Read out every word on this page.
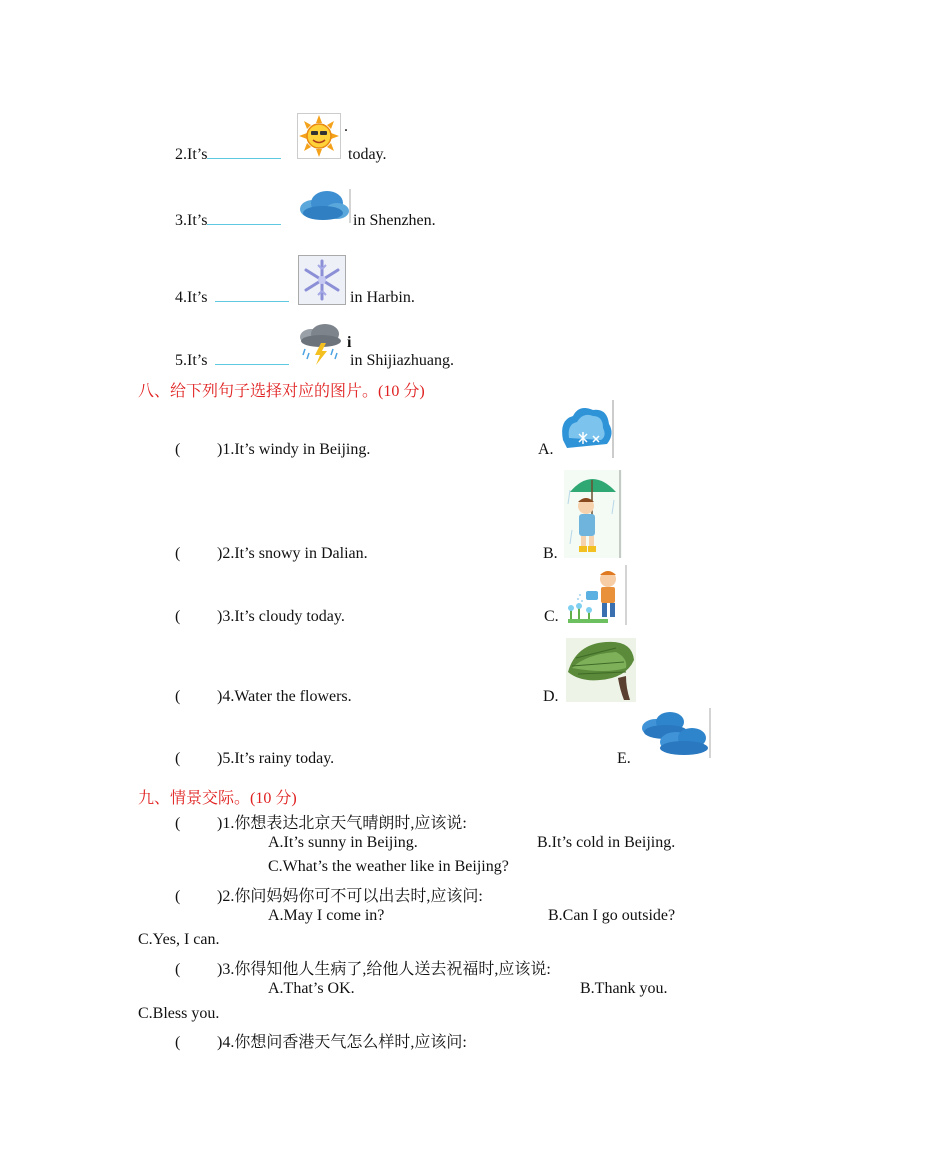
2.It’s
.
today.
3.It’s	in Shenzhen.
4.It’s	in Harbin.
5.It’s
i
in Shijiazhuang.
八、给下列句子选择对应的图片。(10 分)
( )1.It’s windy in Beijing.	A.
( )2.It’s snowy in Dalian.	B.
( )3.It’s cloudy today.	C.
( )4.Water the flowers.	D.
( )5.It’s rainy today.	E.
九、情景交际。(10 分)
( )1.你想表达北京天气晴朗时,应该说:
A.It’s sunny in Beijing.	B.It’s cold in Beijing.
C.What’s the weather like in Beijing?
( )2.你问妈妈你可不可以出去时,应该问:
A.May I come in?	B.Can I go outside?
C.Yes, I can.
( )3.你得知他人生病了,给他人送去祝福时,应该说:
A.That’s OK.	B.Thank you.
C.Bless you.
( )4.你想问香港天气怎么样时,应该问:
